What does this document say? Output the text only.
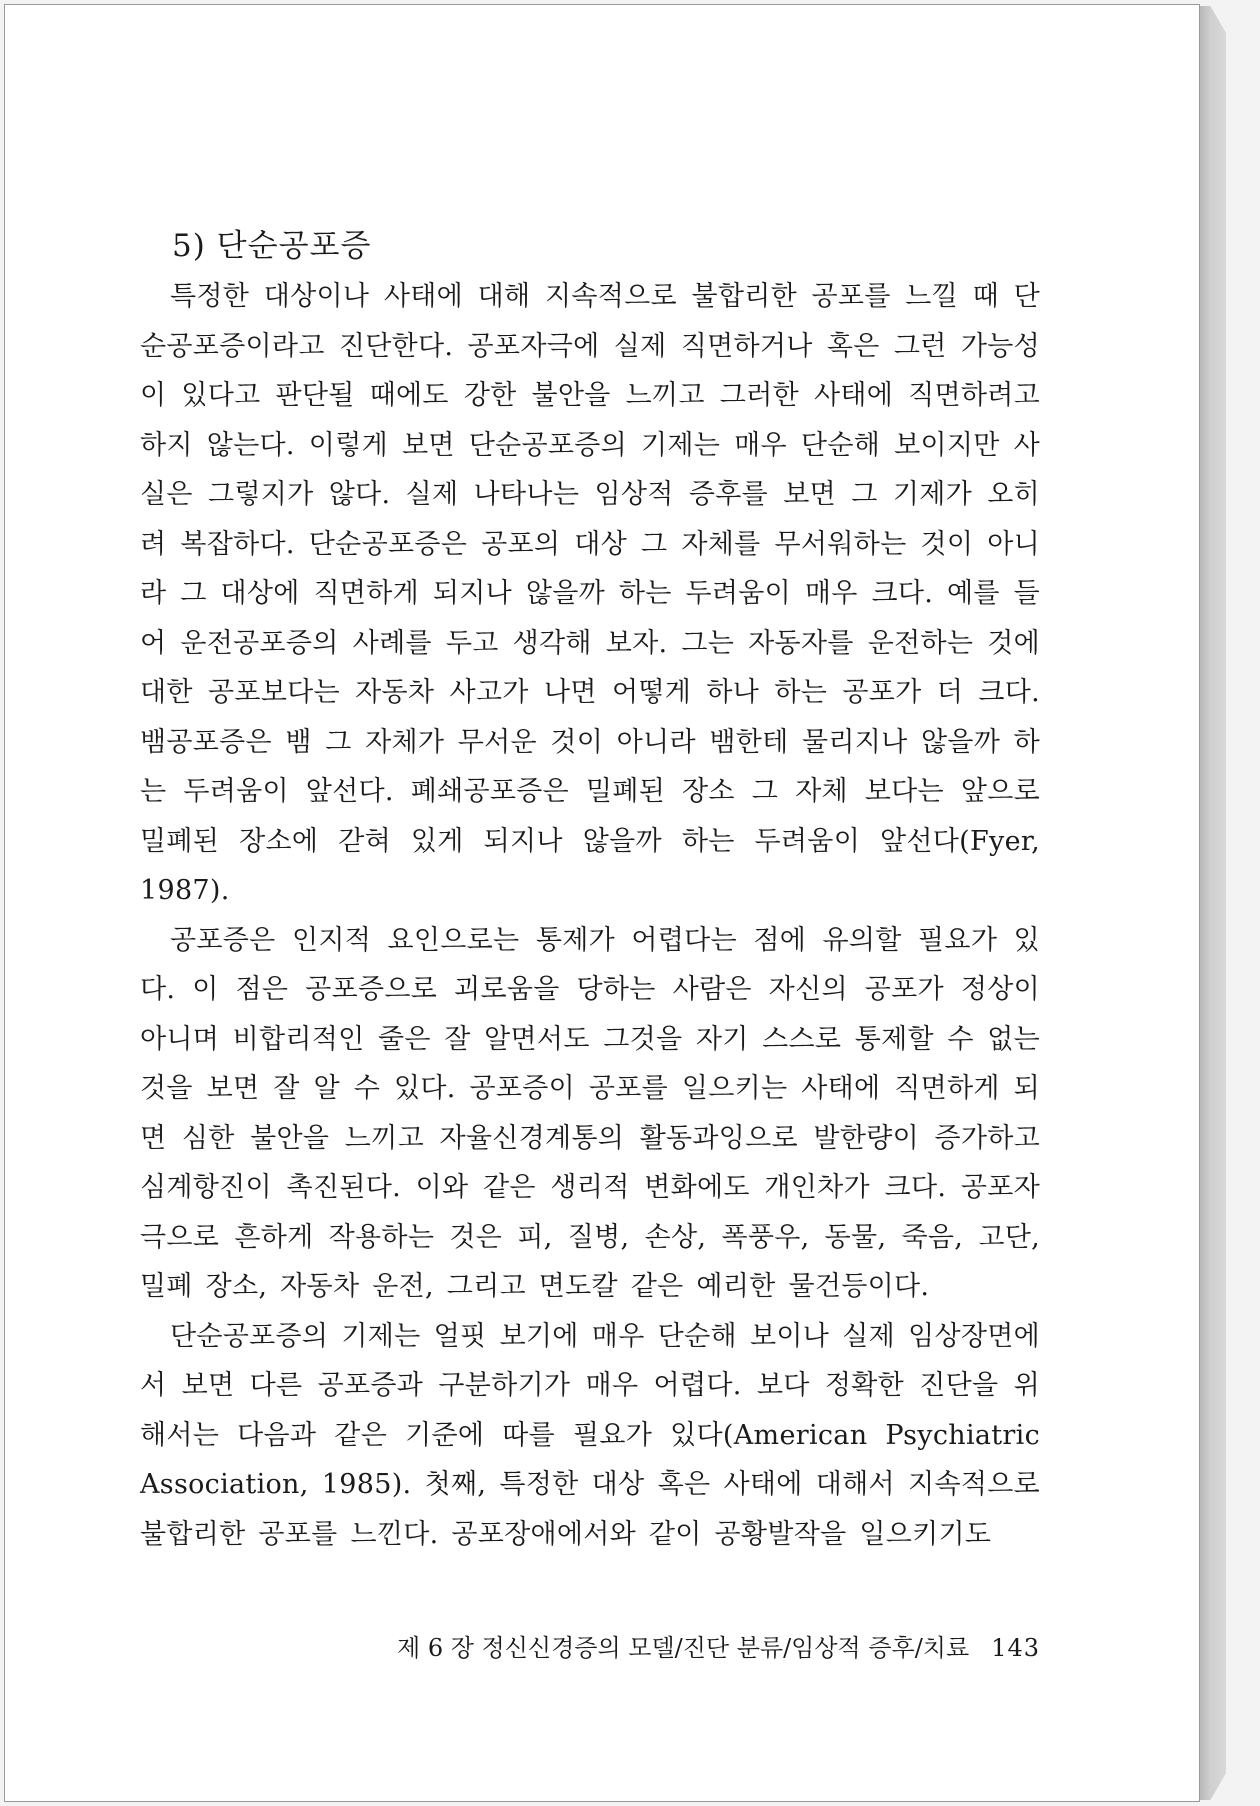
5) 단순공포증

특정한 대상이나 사태에 대해 지속적으로 불합리한 공포를 느낄 때 단순공포증이라고 진단한다. 공포자극에 실제 직면하거나 혹은 그런 가능성이 있다고 판단될 때에도 강한 불안을 느끼고 그러한 사태에 직면하려고 하지 않는다. 이렇게 보면 단순공포증의 기제는 매우 단순해 보이지만 사실은 그렇지가 않다. 실제 나타나는 임상적 증후를 보면 그 기제가 오히려 복잡하다. 단순공포증은 공포의 대상 그 자체를 무서워하는 것이 아니라 그 대상에 직면하게 되지나 않을까 하는 두려움이 매우 크다. 예를 들어 운전공포증의 사례를 두고 생각해 보자. 그는 자동자를 운전하는 것에 대한 공포보다는 자동차 사고가 나면 어떻게 하나 하는 공포가 더 크다. 뱀공포증은 뱀 그 자체가 무서운 것이 아니라 뱀한테 물리지나 않을까 하는 두려움이 앞선다. 폐쇄공포증은 밀폐된 장소 그 자체 보다는 앞으로 밀폐된 장소에 갇혀 있게 되지나 않을까 하는 두려움이 앞선다(Fyer, 1987).

공포증은 인지적 요인으로는 통제가 어렵다는 점에 유의할 필요가 있다. 이 점은 공포증으로 괴로움을 당하는 사람은 자신의 공포가 정상이 아니며 비합리적인 줄은 잘 알면서도 그것을 자기 스스로 통제할 수 없는 것을 보면 잘 알 수 있다. 공포증이 공포를 일으키는 사태에 직면하게 되면 심한 불안을 느끼고 자율신경계통의 활동과잉으로 발한량이 증가하고 심계항진이 촉진된다. 이와 같은 생리적 변화에도 개인차가 크다. 공포자극으로 흔하게 작용하는 것은 피, 질병, 손상, 폭풍우, 동물, 죽음, 고단, 밀폐 장소, 자동차 운전, 그리고 면도칼 같은 예리한 물건등이다.

단순공포증의 기제는 얼핏 보기에 매우 단순해 보이나 실제 임상장면에서 보면 다른 공포증과 구분하기가 매우 어렵다. 보다 정확한 진단을 위해서는 다음과 같은 기준에 따를 필요가 있다(American Psychiatric Association, 1985). 첫째, 특정한 대상 혹은 사태에 대해서 지속적으로 불합리한 공포를 느낀다. 공포장애에서와 같이 공황발작을 일으키기도

제 6 장 정신신경증의 모델/진단 분류/임상적 증후/치료 143
